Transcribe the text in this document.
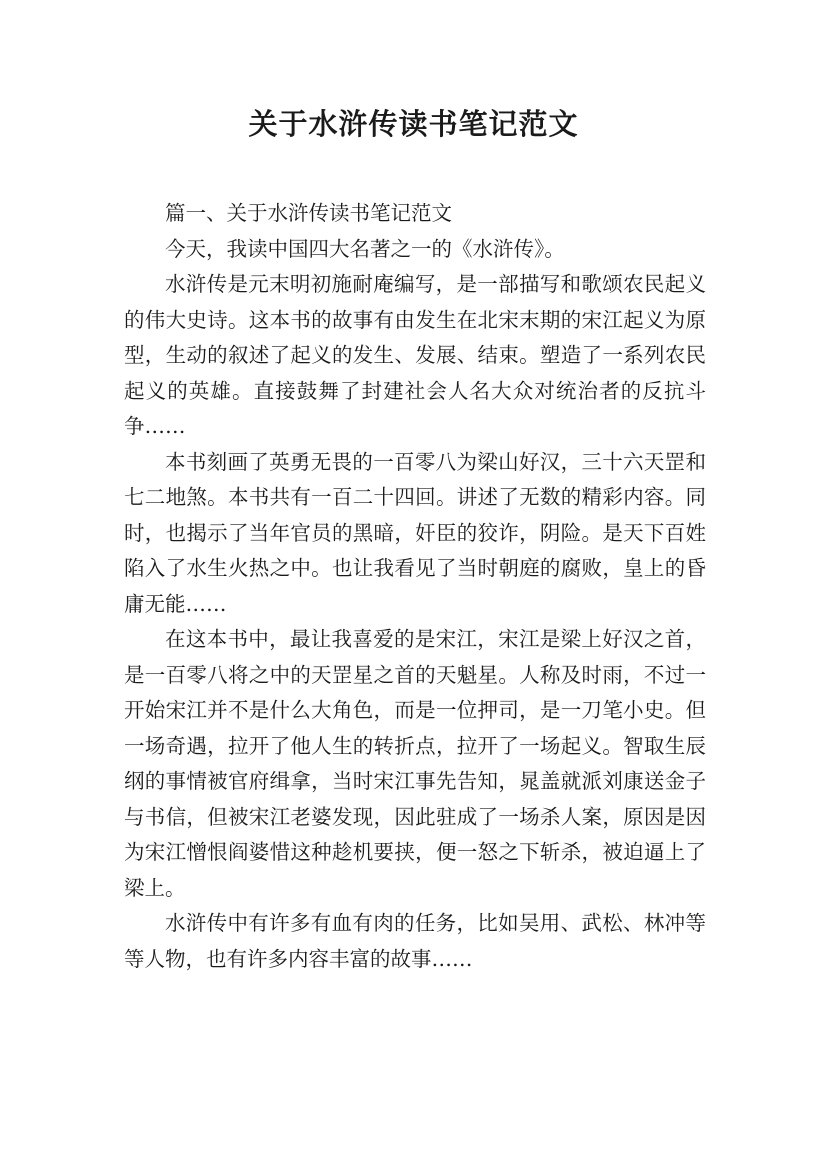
关于水浒传读书笔记范文

篇一、关于水浒传读书笔记范文

今天，我读中国四大名著之一的《水浒传》。

水浒传是元末明初施耐庵编写，是一部描写和歌颂农民起义的伟大史诗。这本书的故事有由发生在北宋末期的宋江起义为原型，生动的叙述了起义的发生、发展、结束。塑造了一系列农民起义的英雄。直接鼓舞了封建社会人名大众对统治者的反抗斗争……

本书刻画了英勇无畏的一百零八为梁山好汉，三十六天罡和七二地煞。本书共有一百二十四回。讲述了无数的精彩内容。同时，也揭示了当年官员的黑暗，奸臣的狡诈，阴险。是天下百姓陷入了水生火热之中。也让我看见了当时朝庭的腐败，皇上的昏庸无能……

在这本书中，最让我喜爱的是宋江，宋江是梁上好汉之首，是一百零八将之中的天罡星之首的天魁星。人称及时雨，不过一开始宋江并不是什么大角色，而是一位押司，是一刀笔小史。但一场奇遇，拉开了他人生的转折点，拉开了一场起义。智取生辰纲的事情被官府缉拿，当时宋江事先告知，晁盖就派刘康送金子与书信，但被宋江老婆发现，因此驻成了一场杀人案，原因是因为宋江憎恨阎婆惜这种趁机要挟，便一怒之下斩杀，被迫逼上了梁上。

水浒传中有许多有血有肉的任务，比如吴用、武松、林冲等等人物，也有许多内容丰富的故事……
